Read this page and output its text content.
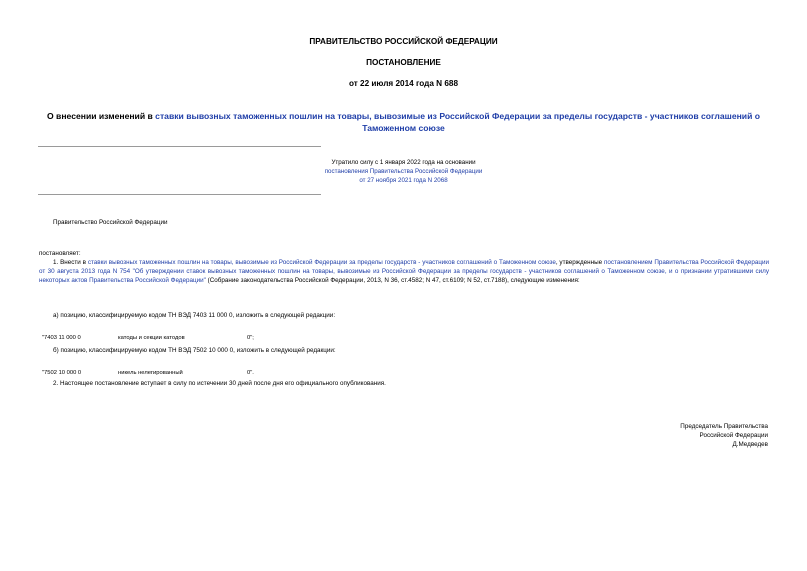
ПРАВИТЕЛЬСТВО РОССИЙСКОЙ ФЕДЕРАЦИИ
ПОСТАНОВЛЕНИЕ
от 22 июля 2014 года N 688
О внесении изменений в ставки вывозных таможенных пошлин на товары, вывозимые из Российской Федерации за пределы государств - участников соглашений о Таможенном союзе
Утратило силу с 1 января 2022 года на основании
постановления Правительства Российской Федерации
от 27 ноября 2021 года N 2068
Правительство Российской Федерации
постановляет:
1. Внести в ставки вывозных таможенных пошлин на товары, вывозимые из Российской Федерации за пределы государств - участников соглашений о Таможенном союзе, утвержденные постановлением Правительства Российской Федерации от 30 августа 2013 года N 754 "Об утверждении ставок вывозных таможенных пошлин на товары, вывозимые из Российской Федерации за пределы государств - участников соглашений о Таможенном союзе, и о признании утратившими силу некоторых актов Правительства Российской Федерации" (Собрание законодательства Российской Федерации, 2013, N 36, ст.4582; N 47, ст.6109; N 52, ст.7188), следующие изменения:
а) позицию, классифицируемую кодом ТН ВЭД 7403 11 000 0, изложить в следующей редакции:
"7403 11 000 0	катоды и секции катодов	0";
б) позицию, классифицируемую кодом ТН ВЭД 7502 10 000 0, изложить в следующей редакции:
"7502 10 000 0	никель нелегированный	0".
2. Настоящее постановление вступает в силу по истечении 30 дней после дня его официального опубликования.
Председатель Правительства
Российской Федерации
Д.Медведев
